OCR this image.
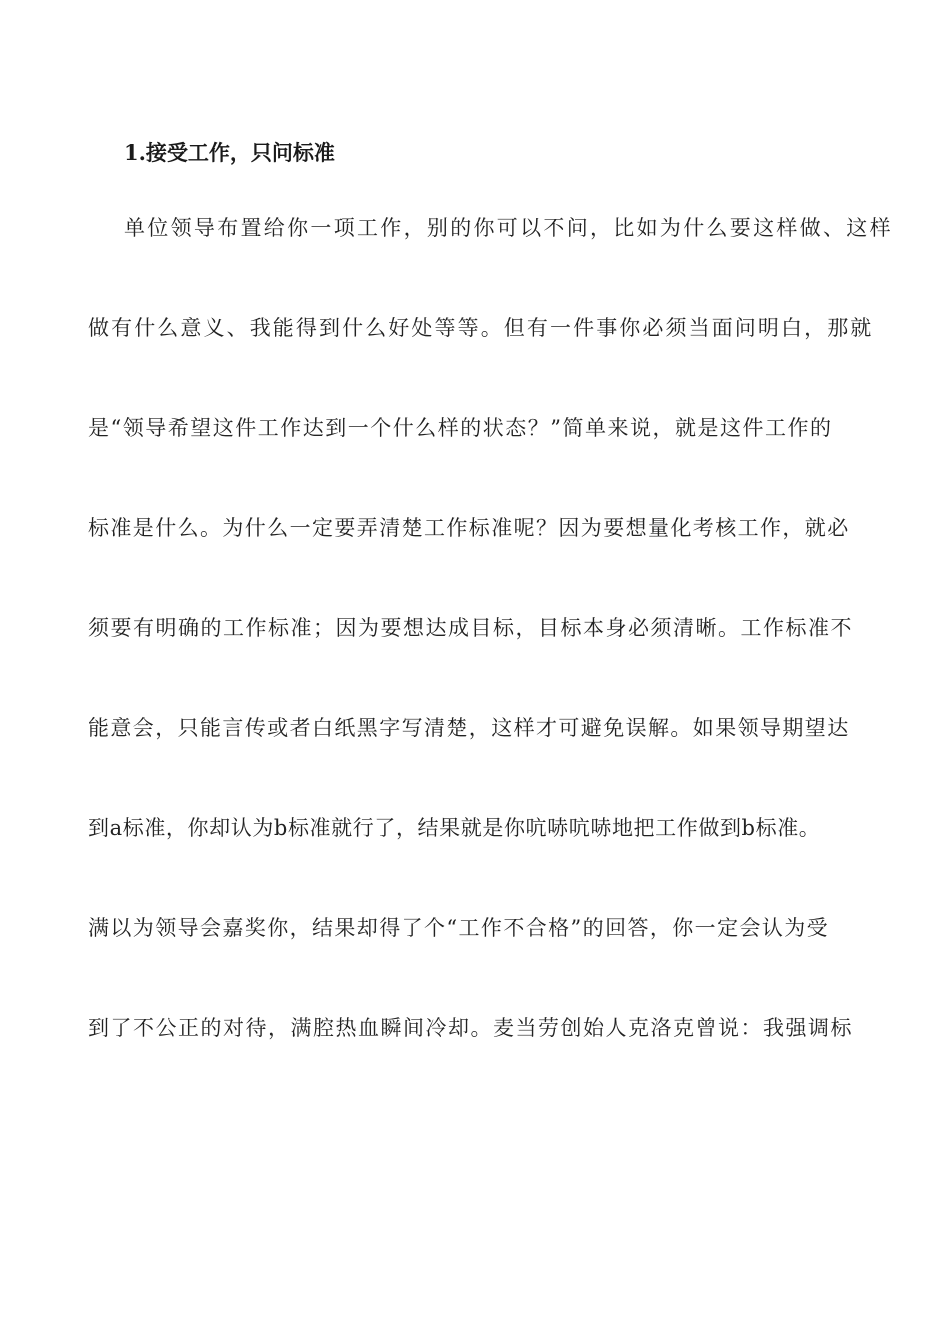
1.接受工作，只问标准
单位领导布置给你一项工作，别的你可以不问，比如为什么要这样做、这样
做有什么意义、我能得到什么好处等等。但有一件事你必须当面问明白，那就
是“领导希望这件工作达到一个什么样的状态？”简单来说，就是这件工作的
标准是什么。为什么一定要弄清楚工作标准呢？因为要想量化考核工作，就必
须要有明确的工作标准；因为要想达成目标，目标本身必须清晰。工作标准不
能意会，只能言传或者白纸黑字写清楚，这样才可避免误解。如果领导期望达
到a标准，你却认为b标准就行了，结果就是你吭哧吭哧地把工作做到b标准。
满以为领导会嘉奖你，结果却得了个“工作不合格”的回答，你一定会认为受
到了不公正的对待，满腔热血瞬间冷却。麦当劳创始人克洛克曾说：我强调标
